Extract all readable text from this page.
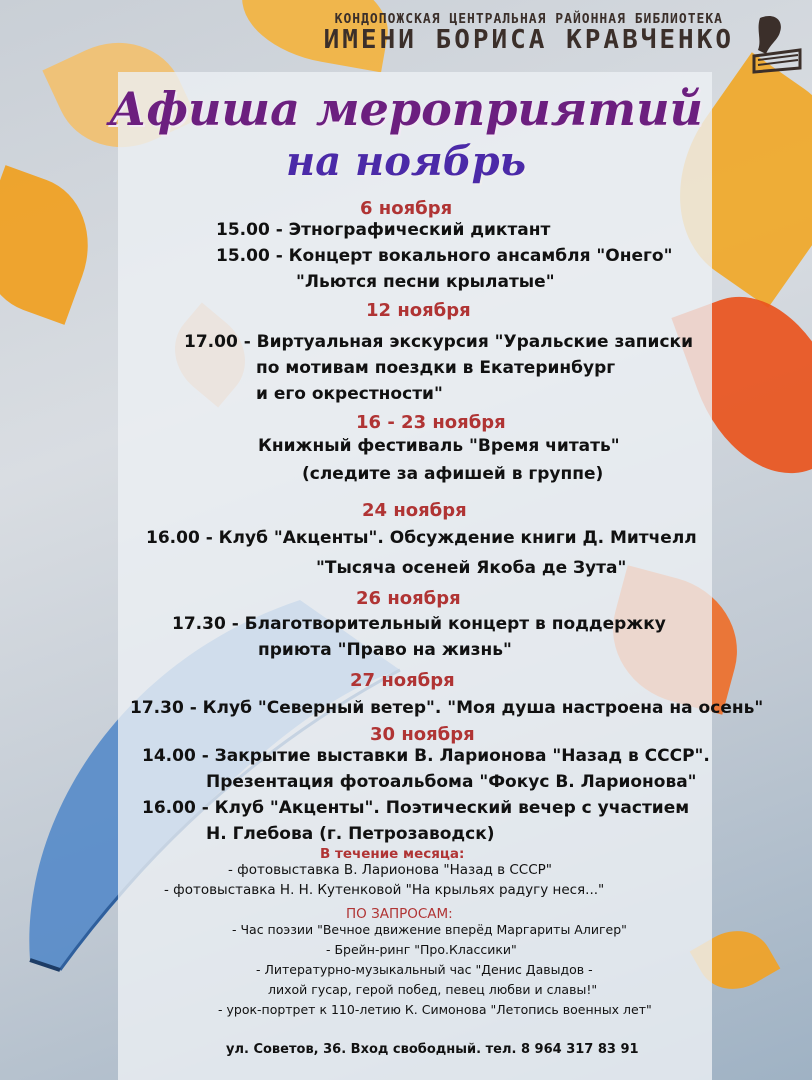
КОНДОПОЖСКАЯ ЦЕНТРАЛЬНАЯ РАЙОННАЯ БИБЛИОТЕКА
ИМЕНИ БОРИСА КРАВЧЕНКО
Афиша мероприятий
на ноябрь
6 ноября
15.00 - Этнографический диктант
15.00 - Концерт вокального ансамбля "Онего"
"Льются песни крылатые"
12 ноября
17.00 - Виртуальная экскурсия "Уральские записки
по мотивам поездки в Екатеринбург
и его окрестности"
16 - 23 ноября
Книжный фестиваль "Время читать"
(следите за афишей в группе)
24 ноября
16.00 - Клуб "Акценты". Обсуждение книги Д. Митчелл
"Тысяча осеней Якоба де Зута"
26 ноября
17.30 - Благотворительный концерт в поддержку
приюта "Право на жизнь"
27 ноября
17.30 - Клуб "Северный ветер". "Моя душа настроена на осень"
30 ноября
14.00 - Закрытие выставки В. Ларионова "Назад в СССР".
Презентация фотоальбома "Фокус В. Ларионова"
16.00 - Клуб "Акценты". Поэтический вечер с участием
Н. Глебова (г. Петрозаводск)
В течение месяца:
- фотовыставка В. Ларионова "Назад в СССР"
- фотовыставка Н. Н. Кутенковой "На крыльях радугу неся..."
ПО ЗАПРОСАМ:
- Час поэзии "Вечное движение вперёд Маргариты Алигер"
- Брейн-ринг "Про.Классики"
- Литературно-музыкальный час "Денис Давыдов -
лихой гусар, герой побед, певец любви и славы!"
- урок-портрет к 110-летию К. Симонова "Летопись военных лет"
ул. Советов, 36. Вход свободный. тел. 8 964 317 83 91
